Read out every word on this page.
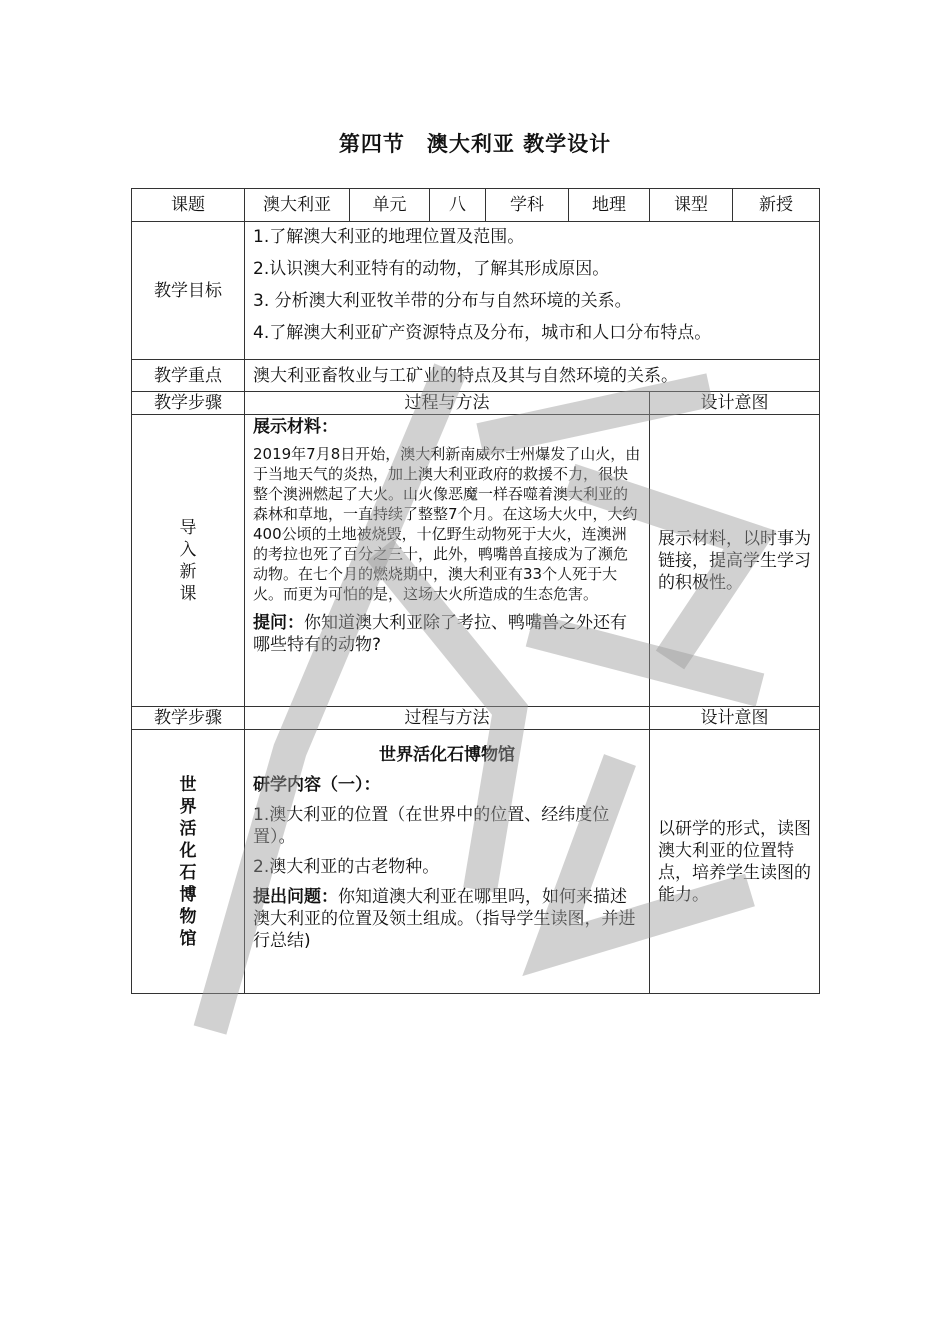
第四节　澳大利亚 教学设计
课题	澳大利亚	单元	八	学科	地理	课型	新授
教学目标	1.了解澳大利亚的地理位置及范围。
2.认识澳大利亚特有的动物，了解其形成原因。
3. 分析澳大利亚牧羊带的分布与自然环境的关系。
4.了解澳大利亚矿产资源特点及分布，城市和人口分布特点。						

教学重点	澳大利亚畜牧业与工矿业的特点及其与自然环境的关系。						
教学步骤	过程与方法					设计意图	

导入新课	展示材料：
2019年7月8日开始，澳大利新南威尔士州爆发了山火，由于当地天气的炎热，加上澳大利亚政府的救援不力，很快整个澳洲燃起了大火。山火像恶魔一样吞噬着澳大利亚的森林和草地，一直持续了整整7个月。在这场大火中，大约400公顷的土地被烧毁，十亿野生动物死于大火，连澳洲的考拉也死了百分之三十，此外，鸭嘴兽直接成为了濒危动物。在七个月的燃烧期中，澳大利亚有33个人死于大火。而更为可怕的是，这场大火所造成的生态危害。
提问：你知道澳大利亚除了考拉、鸭嘴兽之外还有哪些特有的动物?					展示材料，以时事为链接，提高学生学习的积极性。	
教学步骤	过程与方法					设计意图	

世界活化石博物馆	世界活化石博物馆
研学内容（一）：
1.澳大利亚的位置（在世界中的位置、经纬度位置）。
2.澳大利亚的古老物种。
提出问题：你知道澳大利亚在哪里吗，如何来描述澳大利亚的位置及领土组成。（指导学生读图，并进行总结)					以研学的形式，读图澳大利亚的位置特点，培养学生读图的能力。	
